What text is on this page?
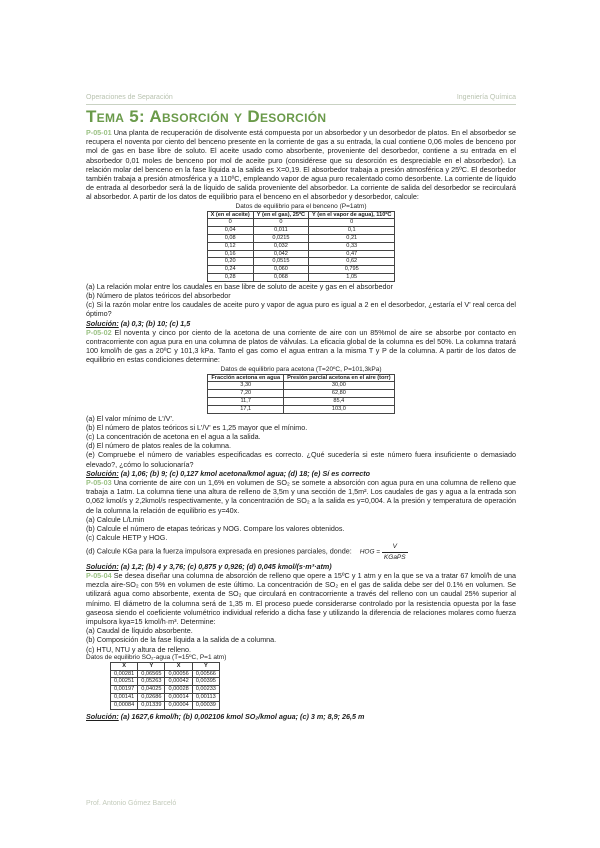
Operaciones de Separación	Ingeniería Química
Tema 5: Absorción y Desorción

P-05-01 Una planta de recuperación de disolvente está compuesta por un absorbedor y un desorbedor de platos. En el absorbedor se recupera el noventa por ciento del benceno presente en la corriente de gas a su entrada, la cual contiene 0,06 moles de benceno por mol de gas en base libre de soluto. El aceite usado como absorbente, proveniente del desorbedor, contiene a su entrada en el absorbedor 0,01 moles de benceno por mol de aceite puro (considérese que su desorción es despreciable en el absorbedor). La relación molar del benceno en la fase líquida a la salida es X=0,19. El absorbedor trabaja a presión atmosférica y 25ºC. El desorbedor también trabaja a presión atmosférica y a 110ºC, empleando vapor de agua puro recalentado como desorbente. La corriente de líquido de entrada al desorbedor será la de líquido de salida proveniente del absorbedor. La corriente de salida del desorbedor se recirculará al absorbedor. A partir de los datos de equilibrio para el benceno en el absorbedor y desorbedor, calcule:

Datos de equilibrio para el benceno (P=1atm)
X (en el aceite)	Y (en el gas), 25ºC	Y (en el vapor de agua), 110ºC
0	0	0
0,04	0,011	0,1
0,08	0,0215	0,21
0,12	0,032	0,33
0,16	0,042	0,47
0,20	0,0515	0,62
0,24	0,060	0,795
0,28	0,068	1,05

(a) La relación molar entre los caudales en base libre de soluto de aceite y gas en el absorbedor

(b) Número de platos teóricos del absorbedor

(c) Si la razón molar entre los caudales de aceite puro y vapor de agua puro es igual a 2 en el desorbedor, ¿estaría el V' real cerca del óptimo?

Solución: (a) 0,3; (b) 10; (c) 1,5

P-05-02 El noventa y cinco por ciento de la acetona de una corriente de aire con un 85%mol de aire se absorbe por contacto en contracorriente con agua pura en una columna de platos de válvulas. La eficacia global de la columna es del 50%. La columna tratará 100 kmol/h de gas a 20ºC y 101,3 kPa. Tanto el gas como el agua entran a la misma T y P de la columna. A partir de los datos de equilibrio en estas condiciones determine:

Datos de equilibrio para acetona (T=20ºC, P=101,3kPa)
Fracción acetona en agua	Presión parcial acetona en el aire (torr)
3,30	30,00
7,20	62,80
11,7	85,4
17,1	103,0

(a) El valor mínimo de L'/V'.

(b) El número de platos teóricos si L'/V' es 1,25 mayor que el mínimo.

(c) La concentración de acetona en el agua a la salida.

(d) El número de platos reales de la columna.

(e) Compruebe el número de variables especificadas es correcto. ¿Qué sucedería si este número fuera insuficiente o demasiado elevado?, ¿cómo lo solucionaría?

Solución: (a) 1,06; (b) 9; (c) 0,127 kmol acetona/kmol agua; (d) 18; (e) Sí es correcto

P-05-03 Una corriente de aire con un 1,6% en volumen de SO₂ se somete a absorción con agua pura en una columna de relleno que trabaja a 1atm. La columna tiene una altura de relleno de 3,5m y una sección de 1,5m². Los caudales de gas y agua a la entrada son 0,062 kmol/s y 2,2kmol/s respectivamente, y la concentración de SO₂ a la salida es y=0,004. A la presión y temperatura de operación de la columna la relación de equilibrio es y=40x.

(a) Calcule L/Lmin

(b) Calcule el número de etapas teóricas y NOG. Compare los valores obtenidos.

(c) Calcule HETP y HOG.

(d) Calcule KGa para la fuerza impulsora expresada en presiones parciales, donde: HOG = $\frac{V}{\text{KGaPS}}$

Solución: (a) 1,2; (b) 4 y 3,76; (c) 0,875 y 0,926; (d) 0,045 kmol/(s·m³·atm)

P-05-04 Se desea diseñar una columna de absorción de relleno que opere a 15ºC y 1 atm y en la que se va a tratar 67 kmol/h de una mezcla aire-SO₂ con 5% en volumen de este último. La concentración de SO₂ en el gas de salida debe ser del 0.1% en volumen. Se utilizará agua como absorbente, exenta de SO₂ que circulará en contracorriente a través del relleno con un caudal 25% superior al mínimo. El diámetro de la columna será de 1,35 m. El proceso puede considerarse controlado por la resistencia opuesta por la fase gaseosa siendo el coeficiente volumétrico individual referido a dicha fase y utilizando la diferencia de relaciones molares como fuerza impulsora kya=15 kmol/h·m³. Determine:

(a) Caudal de líquido absorbente.

(b) Composición de la fase líquida a la salida de a columna.

(c) HTU, NTU y altura de relleno.

Datos de equilibrio SO₂-agua (T=15ºC, P=1 atm)
X	Y	X	Y
0,00281	0,06565	0,00056	0,00566
0,00251	0,05263	0,00042	0,00395
0,00197	0,04025	0,00028	0,00233
0,00141	0,02686	0,00014	0,00113
0,00084	0,01339	0,00004	0,00039

Solución: (a) 1627,6 kmol/h; (b) 0,002106 kmol SO₂/kmol agua; (c) 3 m; 8,9; 26,5 m

Prof. Antonio Gómez Barceló
